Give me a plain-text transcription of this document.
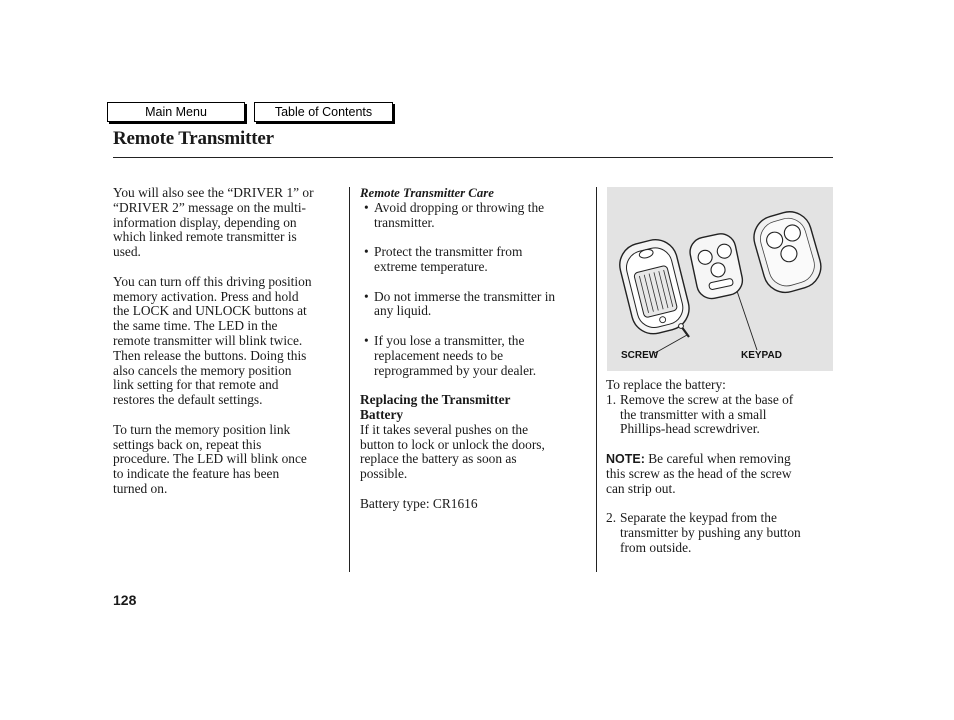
Main Menu	Table of Contents
Remote Transmitter

You will also see the “DRIVER 1” or
“DRIVER 2” message on the multi-
information display, depending on
which linked remote transmitter is
used.

You can turn off this driving position
memory activation. Press and hold
the LOCK and UNLOCK buttons at
the same time. The LED in the
remote transmitter will blink twice.
Then release the buttons. Doing this
also cancels the memory position
link setting for that remote and
restores the default settings.

To turn the memory position link
settings back on, repeat this
procedure. The LED will blink once
to indicate the feature has been
turned on.

Remote Transmitter Care

• Avoid dropping or throwing the
transmitter.

• Protect the transmitter from
extreme temperature.

• Do not immerse the transmitter in
any liquid.

• If you lose a transmitter, the
replacement needs to be
reprogrammed by your dealer.

Replacing the Transmitter
Battery

If it takes several pushes on the
button to lock or unlock the doors,
replace the battery as soon as
possible.

Battery type: CR1616

SCREW	KEYPAD

To replace the battery:

1. Remove the screw at the base of
the transmitter with a small
Phillips-head screwdriver.

NOTE: Be careful when removing
this screw as the head of the screw
can strip out.

2. Separate the keypad from the
transmitter by pushing any button
from outside.

128
